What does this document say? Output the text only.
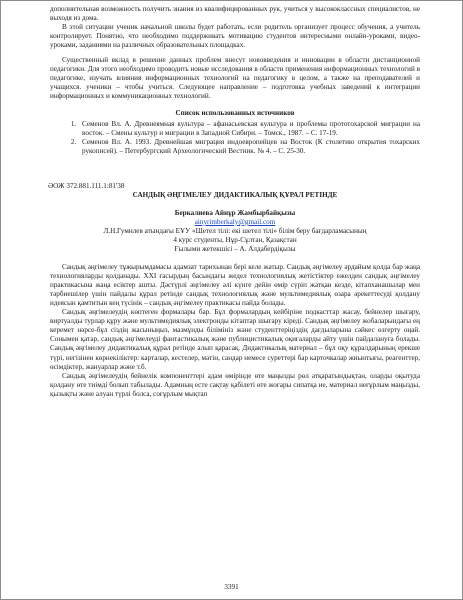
дополнительная возможность получить знания из квалифицированных рук, учиться у высококлассных специалистов, не выходя из дома.

В этой ситуации ученик начальной школы будет работать, если родитель организует процесс обучения, а учитель контролирует. Понятно, что необходимо поддерживать мотивацию студентов интересными онлайн-уроками, видео-уроками, заданиями на различных образовательных площадках.

Существенный вклад в решение данных проблем внесут нововведения и инновации в области дистанционной педагогики. Для этого необходимо проводить новые исследования в области применения информационных технологий в педагогике, изучать влияния информационных технологий на педагогику в целом, а также на преподавателей и учащихся. ученики – чтобы учиться. Следующее направление – подготовка учебных заведений к интеграции информационных и коммуникационных технологий.

Список использованных источников
1. Семенов Вл. А. Древнеямная культура – афанасьевская культура и проблемы прототохарской миграции на восток. – Смены культур и миграции в Западной Сибири. – Томск., 1987. – С. 17-19.
2. Семенов Вл. А. 1993. Древнейшая миграция индоевропейцев на Восток (К столетию открытия тохарских рукописей). – Петербургский Археологический Вестник. № 4. – С. 25-30.
ӘОЖ 372.881.111.1:81'38
САНДЫҚ ӘҢГІМЕЛЕУ ДИДАКТИКАЛЫҚ ҚҰРАЛ РЕТІНДЕ
Беркалиева Айнұр Жамбырбайқызы
ainyrimberkaly@gmail.com
Л.Н.Гумилев атындағы ЕҰУ «Шетел тілі: екі шетел тілі» білім беру бағдарламасының
4 курс студенты, Нұр-Сұлтан, Қазақстан
Ғылыми жетекшісі – А. Алдабердіқызы

Сандық әңгімелеу тұжырымдамасы адамзат тарихынан бері келе жатыр. Сандық әңгімелеу әрдайым қолда бар жаңа технологияларды қолданады. XXI ғасырдың басындағы жедел технологиялық жетістіктер ежелден сандық әңгімелеу практикасына жаңа есіктер ашты. Дәстүрлі әңгімелеу әлі күнге дейін өмір сүріп жатқан кезде, кітапханашылар мен тәрбиешілер үшін пайдалы құрал ретінде сандық технологиялық және мультимедиялық өзара әрекеттесуді қолдану идеясын қамтитын кең түсінік – сандық әңгімелеу практикасы пайда болады.

Сандық әңгімелеудің көптеген формалары бар. Бұл формалардың кейбіріне подкасттар жасау, бейнелер шығару, виртуалды турлар құру және мультимедиялық электронды кітаптар шығару кіреді. Сандық әңгімелеу жобаларындағы ең керемет нәрсе-бұл сіздің жасыныңыз, мазмұнды білімініз және студенттеріңіздің дағдыларына сәйкес өзгерту оңай. Сонымен қатар, сандық әңгімелеуді фантастикалық және публицистикалық оқиғаларды айту үшін пайдалануға болады. Сандық әңгімелеу дидактикалық құрал ретінде алып қарасақ. Дидактикалық материал – бұл оқу құралдарының ерекше түрі, негізінен көрнекіліктер: карталар, кестелер, мәтін, сандар немесе суреттері бар карточкалар жиынтығы, реагенттер, өсімдіктер, жануарлар және т.б.

Сандық әңгімелеудің бейнелік компоненттері адам өмірінде өте маңызды рөл атқаратындықтан, оларды оқытуда қолдану өте тиімді болып табылады. Адамның есте сақтау қабілеті өте жоғары сипатқа ие, материал неғұрлым маңызды, қызықты және алуан түрлі болса, соғұрлым мықтап

3391
